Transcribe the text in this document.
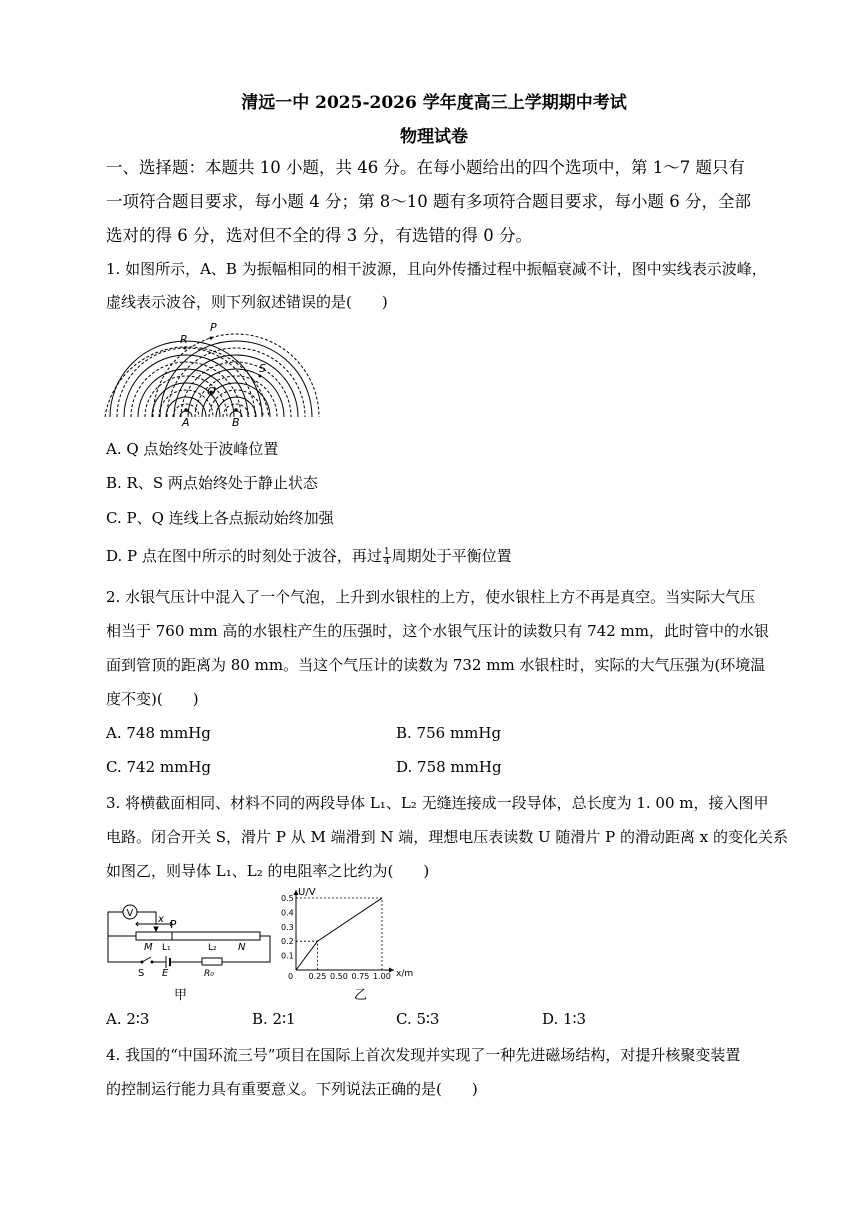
清远一中 2025-2026 学年度高三上学期期中考试
物理试卷
一、选择题：本题共 10 小题，共 46 分。在每小题给出的四个选项中，第 1～7 题只有
一项符合题目要求，每小题 4 分；第 8～10 题有多项符合题目要求，每小题 6 分，全部
选对的得 6 分，选对但不全的得 3 分，有选错的得 0 分。
1. 如图所示，A、B 为振幅相同的相干波源，且向外传播过程中振幅衰减不计，图中实线表示波峰，
虚线表示波谷，则下列叙述错误的是(　　)
P
R
S
Q
A	B
A. Q 点始终处于波峰位置
B. R、S 两点始终处于静止状态
C. P、Q 连线上各点振动始终加强
D. P 点在图中所示的时刻处于波谷，再过 $\frac{1}{4}$ 周期处于平衡位置
2. 水银气压计中混入了一个气泡，上升到水银柱的上方，使水银柱上方不再是真空。当实际大气压
相当于 760 mm 高的水银柱产生的压强时，这个水银气压计的读数只有 742 mm，此时管中的水银
面到管顶的距离为 80 mm。当这个气压计的读数为 732 mm 水银柱时，实际的大气压强为(环境温
度不变)(　　)
A. 748 mmHg	B. 756 mmHg
C. 742 mmHg	D. 758 mmHg
3. 将横截面相同、材料不同的两段导体 L₁、L₂ 无缝连接成一段导体，总长度为 1. 00 m，接入图甲
电路。闭合开关 S，滑片 P 从 M 端滑到 N 端，理想电压表读数 U 随滑片 P 的滑动距离 x 的变化关系
如图乙，则导体 L₁、L₂ 的电阻率之比约为(　　)
V
x P
M L₁	L₂ N
S E	R₀
甲
0 0.25 0.50 0.75 1.00
0.1
0.2
0.3
0.4
0.5
U/V
x/m
乙
A. 2∶3	B. 2∶1	C. 5∶3	D. 1∶3
4. 我国的“中国环流三号”项目在国际上首次发现并实现了一种先进磁场结构，对提升核聚变装置
的控制运行能力具有重要意义。下列说法正确的是(　　)
